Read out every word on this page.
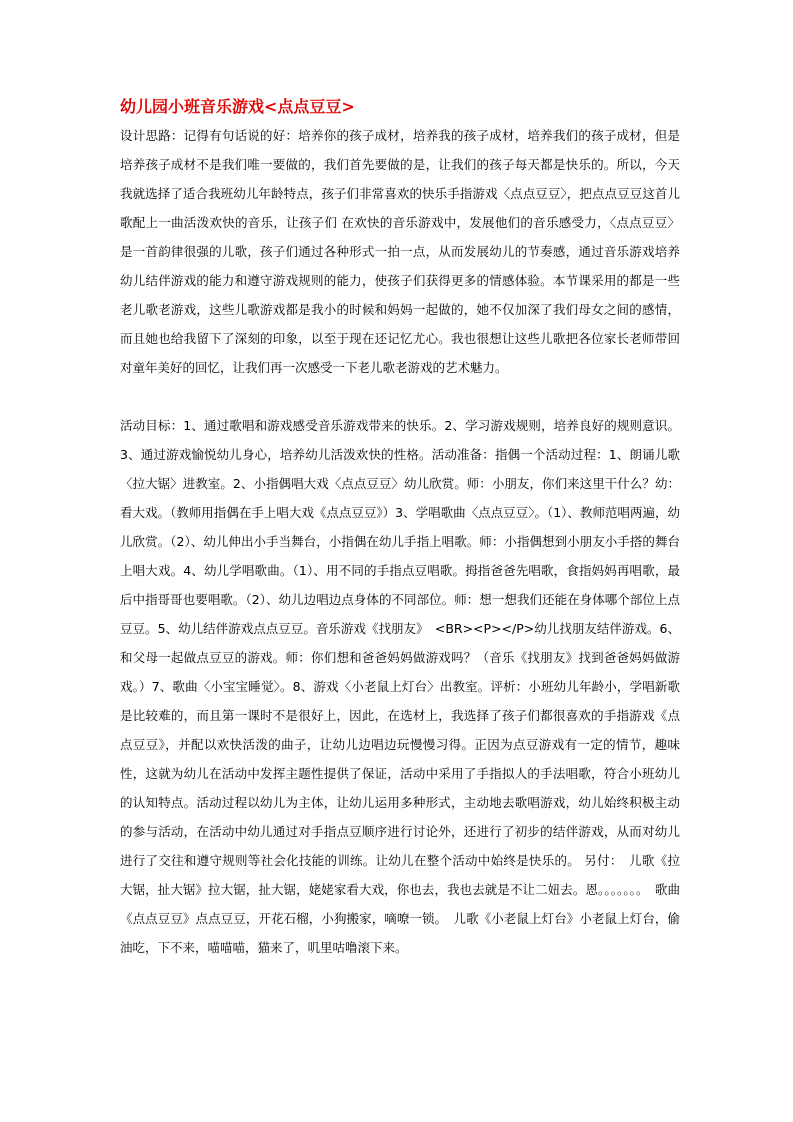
幼儿园小班音乐游戏<点点豆豆>

设计思路：记得有句话说的好：培养你的孩子成材，培养我的孩子成材，培养我们的孩子成材，但是培养孩子成材不是我们唯一要做的，我们首先要做的是，让我们的孩子每天都是快乐的。所以，今天我就选择了适合我班幼儿年龄特点，孩子们非常喜欢的快乐手指游戏〈点点豆豆〉，把点点豆豆这首儿歌配上一曲活泼欢快的音乐，让孩子们 在欢快的音乐游戏中，发展他们的音乐感受力，〈点点豆豆〉是一首韵律很强的儿歌，孩子们通过各种形式一拍一点，从而发展幼儿的节奏感，通过音乐游戏培养幼儿结伴游戏的能力和遵守游戏规则的能力，使孩子们获得更多的情感体验。本节课采用的都是一些老儿歌老游戏，这些儿歌游戏都是我小的时候和妈妈一起做的，她不仅加深了我们母女之间的感情，而且她也给我留下了深刻的印象，以至于现在还记忆尤心。我也很想让这些儿歌把各位家长老师带回对童年美好的回忆，让我们再一次感受一下老儿歌老游戏的艺术魅力。

活动目标：1、通过歌唱和游戏感受音乐游戏带来的快乐。2、学习游戏规则，培养良好的规则意识。3、通过游戏愉悦幼儿身心，培养幼儿活泼欢快的性格。活动准备：指偶一个活动过程：1、朗诵儿歌〈拉大锯〉进教室。2、小指偶唱大戏〈点点豆豆〉幼儿欣赏。师：小朋友，你们来这里干什么？幼：看大戏。（教师用指偶在手上唱大戏《点点豆豆》）3、学唱歌曲〈点点豆豆〉。（1）、教师范唱两遍，幼儿欣赏。（2）、幼儿伸出小手当舞台，小指偶在幼儿手指上唱歌。师：小指偶想到小朋友小手搭的舞台上唱大戏。4、幼儿学唱歌曲。（1）、用不同的手指点豆唱歌。拇指爸爸先唱歌，食指妈妈再唱歌，最后中指哥哥也要唱歌。（2）、幼儿边唱边点身体的不同部位。师：想一想我们还能在身体哪个部位上点豆豆。5、幼儿结伴游戏点点豆豆。音乐游戏《找朋友》　<BR><P></P>幼儿找朋友结伴游戏。6、和父母一起做点豆豆的游戏。师：你们想和爸爸妈妈做游戏吗？（音乐《找朋友》找到爸爸妈妈做游戏。）7、歌曲〈小宝宝睡觉〉。8、游戏〈小老鼠上灯台〉出教室。评析：小班幼儿年龄小，学唱新歌是比较难的，而且第一课时不是很好上，因此，在选材上，我选择了孩子们都很喜欢的手指游戏《点点豆豆》，并配以欢快活泼的曲子，让幼儿边唱边玩慢慢习得。正因为点豆游戏有一定的情节，趣味性，这就为幼儿在活动中发挥主题性提供了保证，活动中采用了手指拟人的手法唱歌，符合小班幼儿的认知特点。活动过程以幼儿为主体，让幼儿运用多种形式，主动地去歌唱游戏，幼儿始终积极主动的参与活动，在活动中幼儿通过对手指点豆顺序进行讨论外，还进行了初步的结伴游戏，从而对幼儿进行了交往和遵守规则等社会化技能的训练。让幼儿在整个活动中始终是快乐的。 另付：　儿歌《拉大锯，扯大锯》拉大锯，扯大锯，姥姥家看大戏，你也去，我也去就是不让二妞去。恩。。。。。。。　歌曲《点点豆豆》点点豆豆，开花石榴，小狗搬家，嘀嘹一锁。　儿歌《小老鼠上灯台》小老鼠上灯台，偷油吃，下不来，喵喵喵，猫来了，叽里咕噜滚下来。
